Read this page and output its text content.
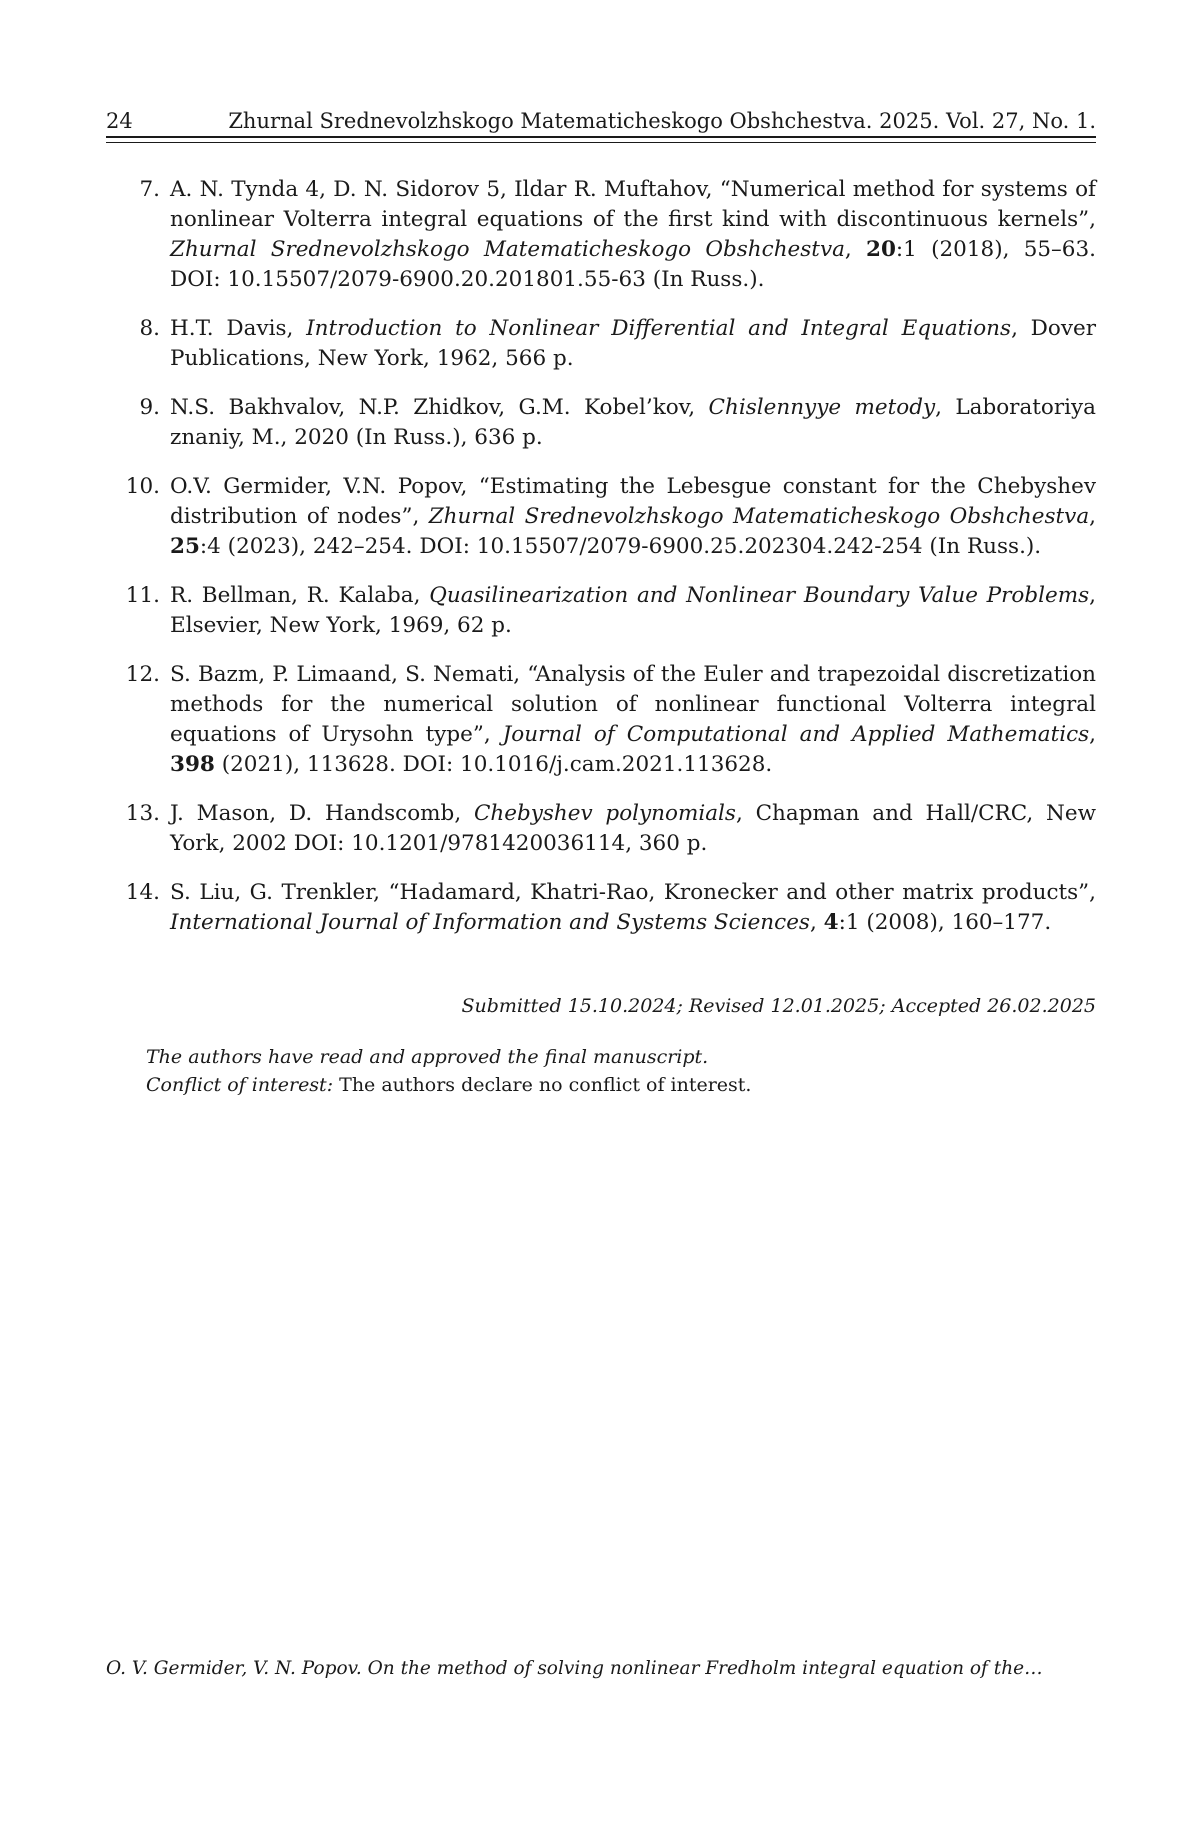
24	Zhurnal Srednevolzhskogo Matematicheskogo Obshchestva. 2025. Vol. 27, No. 1.
7. A. N. Tynda 4, D. N. Sidorov 5, Ildar R. Muftahov, “Numerical method for systems of nonlinear Volterra integral equations of the first kind with discontinuous kernels”, Zhurnal Srednevolzhskogo Matematicheskogo Obshchestva, 20:1 (2018), 55–63. DOI: 10.15507/2079-6900.20.201801.55-63 (In Russ.).
8. H.T. Davis, Introduction to Nonlinear Differential and Integral Equations, Dover Publications, New York, 1962, 566 p.
9. N.S. Bakhvalov, N.P. Zhidkov, G.M. Kobel’kov, Chislennyye metody, Laboratoriya znaniy, M., 2020 (In Russ.), 636 p.
10. O.V. Germider, V.N. Popov, “Estimating the Lebesgue constant for the Chebyshev distribution of nodes”, Zhurnal Srednevolzhskogo Matematicheskogo Obshchestva, 25:4 (2023), 242–254. DOI: 10.15507/2079-6900.25.202304.242-254 (In Russ.).
11. R. Bellman, R. Kalaba, Quasilinearization and Nonlinear Boundary Value Problems, Elsevier, New York, 1969, 62 p.
12. S. Bazm, P. Limaand, S. Nemati, “Analysis of the Euler and trapezoidal discretization methods for the numerical solution of nonlinear functional Volterra integral equations of Urysohn type”, Journal of Computational and Applied Mathematics, 398 (2021), 113628. DOI: 10.1016/j.cam.2021.113628.
13. J. Mason, D. Handscomb, Chebyshev polynomials, Chapman and Hall/CRC, New York, 2002 DOI: 10.1201/9781420036114, 360 p.
14. S. Liu, G. Trenkler, “Hadamard, Khatri-Rao, Kronecker and other matrix products”, International Journal of Information and Systems Sciences, 4:1 (2008), 160–177.
Submitted 15.10.2024; Revised 12.01.2025; Accepted 26.02.2025
The authors have read and approved the final manuscript.
Conflict of interest: The authors declare no conflict of interest.
O. V. Germider, V. N. Popov. On the method of solving nonlinear Fredholm integral equation of the…
